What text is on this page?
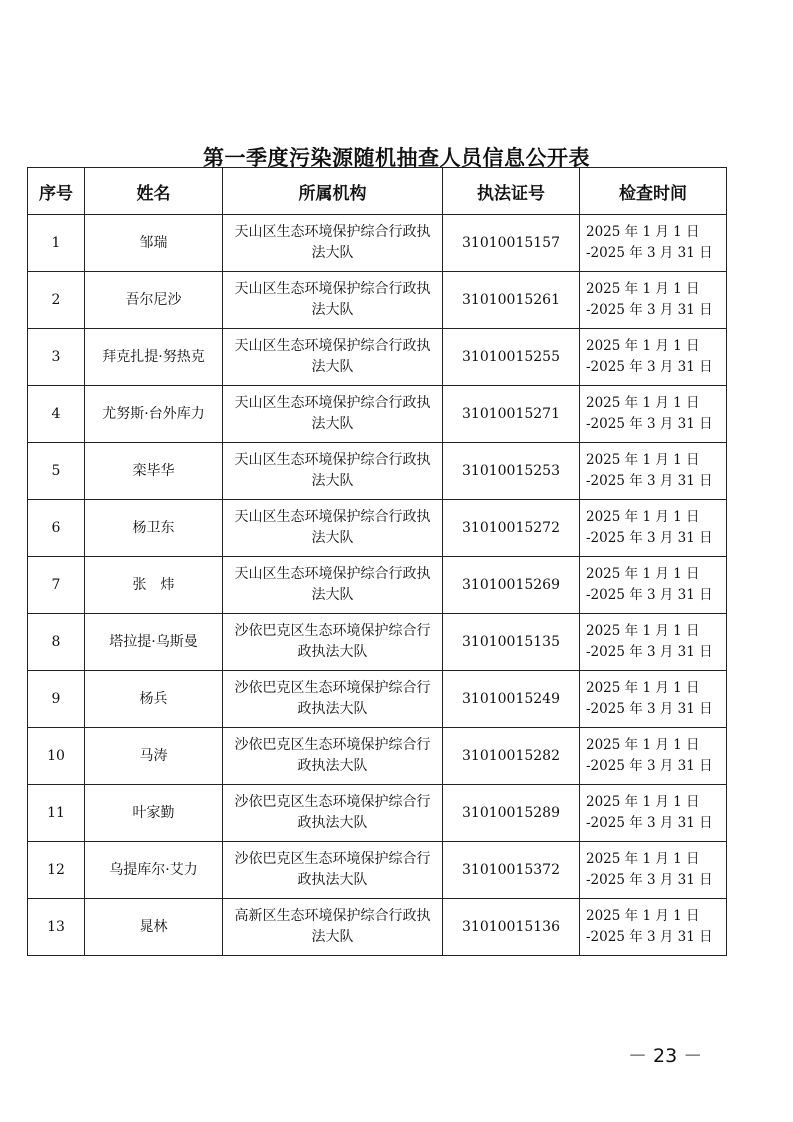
第一季度污染源随机抽查人员信息公开表
序号	姓名	所属机构	执法证号	检查时间
1	邹瑞	天山区生态环境保护综合行政执法大队	31010015157	2025 年 1 月 1 日
-2025 年 3 月 31 日

2	吾尔尼沙	天山区生态环境保护综合行政执法大队	31010015261	2025 年 1 月 1 日
-2025 年 3 月 31 日

3	拜克扎提·努热克	天山区生态环境保护综合行政执法大队	31010015255	2025 年 1 月 1 日
-2025 年 3 月 31 日

4	尤努斯·台外库力	天山区生态环境保护综合行政执法大队	31010015271	2025 年 1 月 1 日
-2025 年 3 月 31 日

5	栾毕华	天山区生态环境保护综合行政执法大队	31010015253	2025 年 1 月 1 日
-2025 年 3 月 31 日

6	杨卫东	天山区生态环境保护综合行政执法大队	31010015272	2025 年 1 月 1 日
-2025 年 3 月 31 日

7	张　炜	天山区生态环境保护综合行政执法大队	31010015269	2025 年 1 月 1 日
-2025 年 3 月 31 日

8	塔拉提·乌斯曼	沙依巴克区生态环境保护综合行政执法大队	31010015135	2025 年 1 月 1 日
-2025 年 3 月 31 日

9	杨兵	沙依巴克区生态环境保护综合行政执法大队	31010015249	2025 年 1 月 1 日
-2025 年 3 月 31 日

10	马涛	沙依巴克区生态环境保护综合行政执法大队	31010015282	2025 年 1 月 1 日
-2025 年 3 月 31 日

11	叶家勤	沙依巴克区生态环境保护综合行政执法大队	31010015289	2025 年 1 月 1 日
-2025 年 3 月 31 日

12	乌提库尔·艾力	沙依巴克区生态环境保护综合行政执法大队	31010015372	2025 年 1 月 1 日
-2025 年 3 月 31 日

13	晁林	高新区生态环境保护综合行政执法大队	31010015136	2025 年 1 月 1 日
-2025 年 3 月 31 日
－ 23 －
